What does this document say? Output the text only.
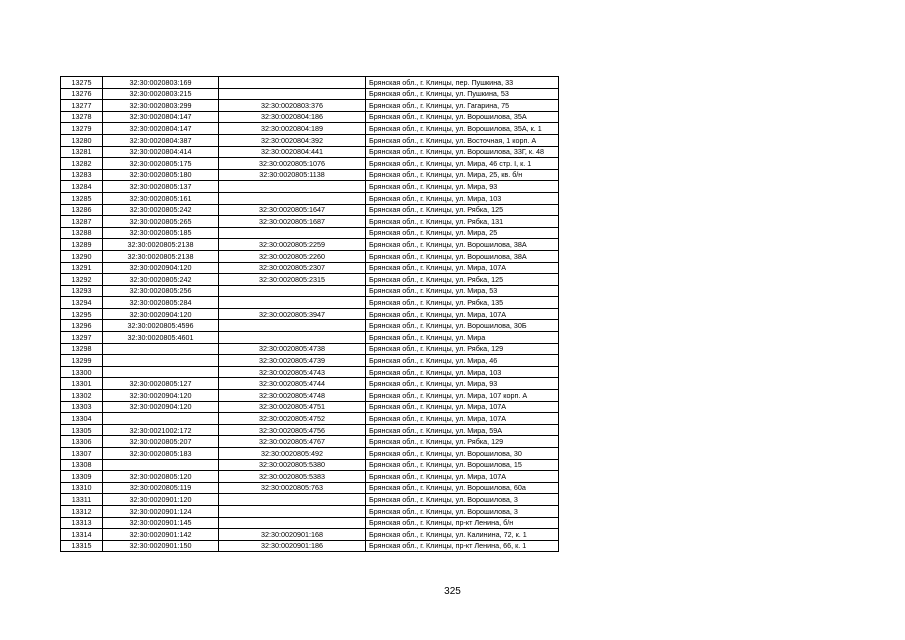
13275	32:30:0020803:169		Брянская обл., г. Клинцы, пер. Пушкина, 33
13276	32:30:0020803:215		Брянская обл., г. Клинцы, ул. Пушкина, 53
13277	32:30:0020803:299	32:30:0020803:376	Брянская обл., г. Клинцы, ул. Гагарина, 75
13278	32:30:0020804:147	32:30:0020804:186	Брянская обл., г. Клинцы, ул. Ворошилова, 35А
13279	32:30:0020804:147	32:30:0020804:189	Брянская обл., г. Клинцы, ул. Ворошилова, 35А, к. 1
13280	32:30:0020804:387	32:30:0020804:392	Брянская обл., г. Клинцы, ул. Восточная, 1 корп. А
13281	32:30:0020804:414	32:30:0020804:441	Брянская обл., г. Клинцы, ул. Ворошилова, 33Г, к. 48
13282	32:30:0020805:175	32:30:0020805:1076	Брянская обл., г. Клинцы, ул. Мира, 46 стр. I, к. 1
13283	32:30:0020805:180	32:30:0020805:1138	Брянская обл., г. Клинцы, ул. Мира, 25, кв. б/н
13284	32:30:0020805:137		Брянская обл., г. Клинцы, ул. Мира, 93
13285	32:30:0020805:161		Брянская обл., г. Клинцы, ул. Мира, 103
13286	32:30:0020805:242	32:30:0020805:1647	Брянская обл., г. Клинцы, ул. Рябка, 125
13287	32:30:0020805:265	32:30:0020805:1687	Брянская обл., г. Клинцы, ул. Рябка, 131
13288	32:30:0020805:185		Брянская обл., г. Клинцы, ул. Мира, 25
13289	32:30:0020805:2138	32:30:0020805:2259	Брянская обл., г. Клинцы, ул. Ворошилова, 38А
13290	32:30:0020805:2138	32:30:0020805:2260	Брянская обл., г. Клинцы, ул. Ворошилова, 38А
13291	32:30:0020904:120	32:30:0020805:2307	Брянская обл., г. Клинцы, ул. Мира, 107А
13292	32:30:0020805:242	32:30:0020805:2315	Брянская обл., г. Клинцы, ул. Рябка, 125
13293	32:30:0020805:256		Брянская обл., г. Клинцы, ул. Мира, 53
13294	32:30:0020805:284		Брянская обл., г. Клинцы, ул. Рябка, 135
13295	32:30:0020904:120	32:30:0020805:3947	Брянская обл., г. Клинцы, ул. Мира, 107А
13296	32:30:0020805:4596		Брянская обл., г. Клинцы, ул. Ворошилова, 30Б
13297	32:30:0020805:4601		Брянская обл., г. Клинцы, ул. Мира
13298		32:30:0020805:4738	Брянская обл., г. Клинцы, ул. Рябка, 129
13299		32:30:0020805:4739	Брянская обл., г. Клинцы, ул. Мира, 46
13300		32:30:0020805:4743	Брянская обл., г. Клинцы, ул. Мира, 103
13301	32:30:0020805:127	32:30:0020805:4744	Брянская обл., г. Клинцы, ул. Мира, 93
13302	32:30:0020904:120	32:30:0020805:4748	Брянская обл., г. Клинцы, ул. Мира, 107 корп. А
13303	32:30:0020904:120	32:30:0020805:4751	Брянская обл., г. Клинцы, ул. Мира, 107А
13304		32:30:0020805:4752	Брянская обл., г. Клинцы, ул. Мира, 107А
13305	32:30:0021002:172	32:30:0020805:4756	Брянская обл., г. Клинцы, ул. Мира, 59А
13306	32:30:0020805:207	32:30:0020805:4767	Брянская обл., г. Клинцы, ул. Рябка, 129
13307	32:30:0020805:183	32:30:0020805:492	Брянская обл., г. Клинцы, ул. Ворошилова, 30
13308		32:30:0020805:5380	Брянская обл., г. Клинцы, ул. Ворошилова, 15
13309	32:30:0020805:120	32:30:0020805:5383	Брянская обл., г. Клинцы, ул. Мира, 107А
13310	32:30:0020805:119	32:30:0020805:763	Брянская обл., г. Клинцы, ул. Ворошилова, 60а
13311	32:30:0020901:120		Брянская обл., г. Клинцы, ул. Ворошилова, 3
13312	32:30:0020901:124		Брянская обл., г. Клинцы, ул. Ворошилова, 3
13313	32:30:0020901:145		Брянская обл., г. Клинцы, пр-кт Ленина, б/н
13314	32:30:0020901:142	32:30:0020901:168	Брянская обл., г. Клинцы, ул. Калинина, 72, к. 1
13315	32:30:0020901:150	32:30:0020901:186	Брянская обл., г. Клинцы, пр-кт Ленина, 66, к. 1
325
